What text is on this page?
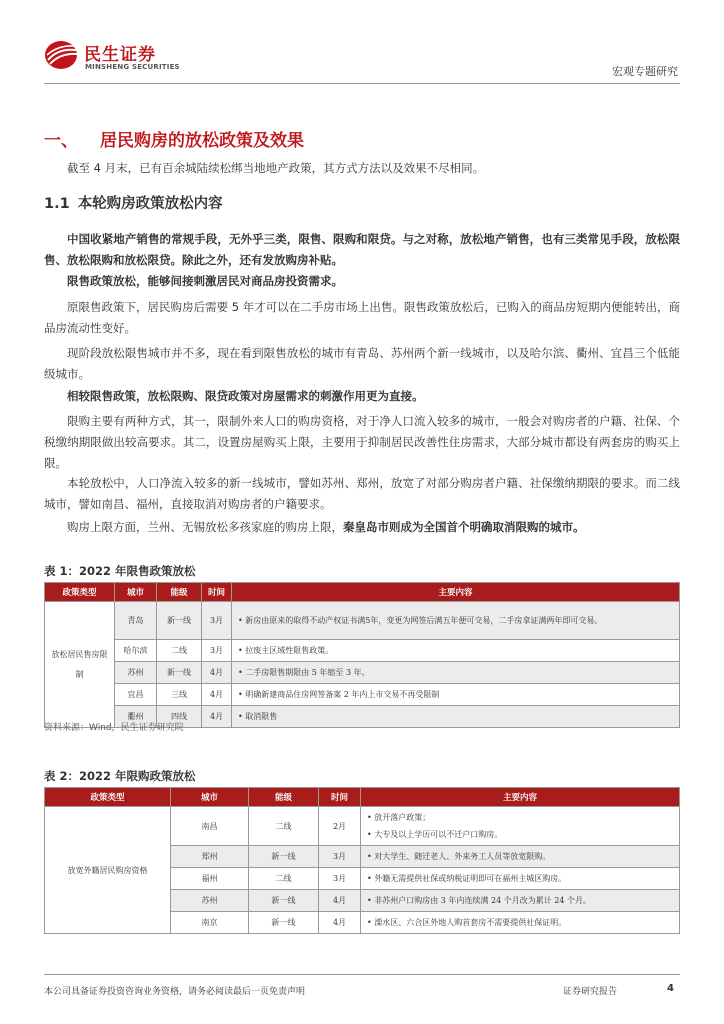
民生证券
MINSHENG SECURITIES	宏观专题研究
一、 居民购房的放松政策及效果
截至 4 月末，已有百余城陆续松绑当地地产政策，其方式方法以及效果不尽相同。
1.1 本轮购房政策放松内容
中国收紧地产销售的常规手段，无外乎三类，限售、限购和限贷。与之对称，放松地产销售，也有三类常见手段，放松限售、放松限购和放松限贷。除此之外，还有发放购房补贴。
限售政策放松，能够间接刺激居民对商品房投资需求。
原限售政策下，居民购房后需要 5 年才可以在二手房市场上出售。限售政策放松后，已购入的商品房短期内便能转出，商品房流动性变好。
现阶段放松限售城市并不多，现在看到限售放松的城市有青岛、苏州两个新一线城市，以及哈尔滨、衢州、宜昌三个低能级城市。
相较限售政策，放松限购、限贷政策对房屋需求的刺激作用更为直接。
限购主要有两种方式，其一，限制外来人口的购房资格，对于净人口流入较多的城市，一般会对购房者的户籍、社保、个税缴纳期限做出较高要求。其二，设置房屋购买上限，主要用于抑制居民改善性住房需求，大部分城市都设有两套房的购买上限。
本轮放松中，人口净流入较多的新一线城市，譬如苏州、郑州，放宽了对部分购房者户籍、社保缴纳期限的要求。而二线城市，譬如南昌、福州，直接取消对购房者的户籍要求。
购房上限方面，兰州、无锡放松多孩家庭的购房上限，秦皇岛市则成为全国首个明确取消限购的城市。
表 1：2022 年限售政策放松
政策类型	城市	能级	时间	主要内容
放松居民售房限制	青岛	新一线	3月	• 新房由原来的取得不动产权证书满5年，变更为网签后满五年便可交易，二手房拿证满两年即可交易。
	哈尔滨	二线	3月	• 拉废主区域性限售政策。
	苏州	新一线	4月	• 二手房限售期限由 5 年缩至 3 年。
	宜昌	三线	4月	• 明确新建商品住房网签备案 2 年内上市交易不再受限制
	衢州	四线	4月	• 取消限售
资料来源：Wind，民生证券研究院
表 2：2022 年限购政策放松
政策类型	城市	能级	时间	主要内容
放宽外籍居民购房资格	南昌	二线	2月	• 放开落户政策；
• 大专及以上学历可以不迁户口购房。

	郑州	新一线	3月	• 对大学生、随迁老人、外来务工人员等放宽限购。
	福州	二线	3月	• 外籍无需提供社保或纳税证明即可在福州主城区购房。
	苏州	新一线	4月	• 非苏州户口购房由 3 年内连续满 24 个月改为累计 24 个月。
	南京	新一线	4月	• 溧水区、六合区外地人购首套房不需要提供社保证明。
本公司具备证券投资咨询业务资格，请务必阅读最后一页免责声明	证券研究报告	4
